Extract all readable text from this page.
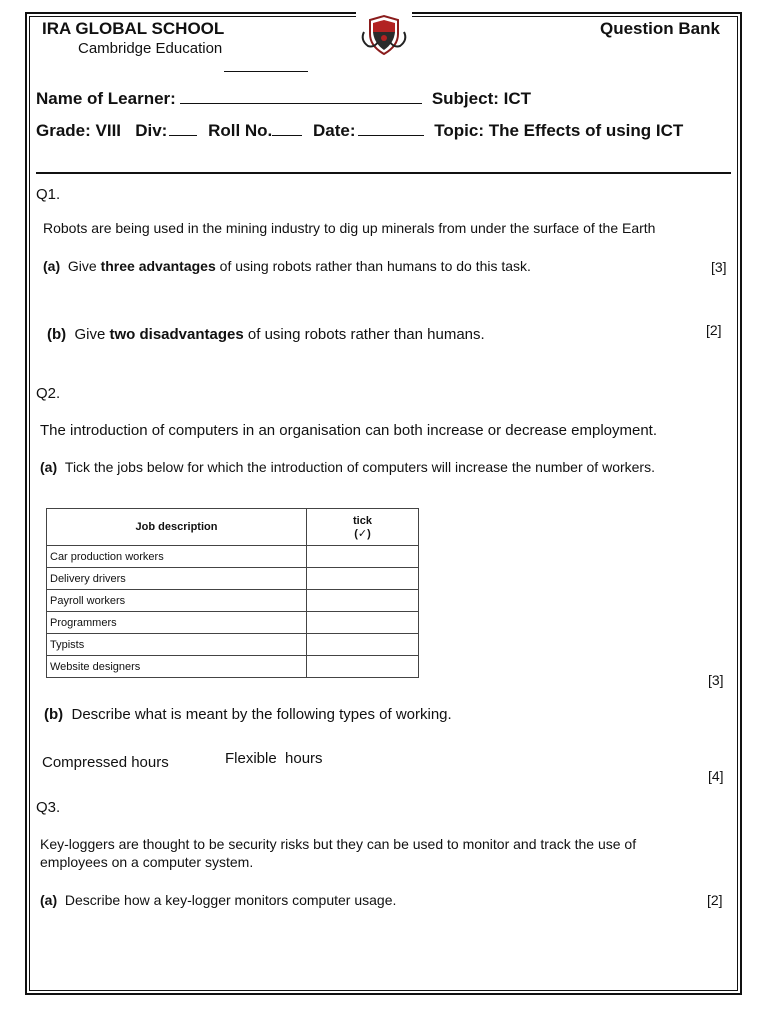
IRA GLOBAL SCHOOL
Cambridge Education
Question Bank
Name of Learner:	Subject: ICT
Grade: VIII Div: Roll No. Date:	Topic: The Effects of using ICT
Q1.
Robots are being used in the mining industry to dig up minerals from under the surface of the Earth
(a) Give three advantages of using robots rather than humans to do this task.	[3]
(b) Give two disadvantages of using robots rather than humans.	[2]
Q2.
The introduction of computers in an organisation can both increase or decrease employment.
(a) Tick the jobs below for which the introduction of computers will increase the number of workers.
Job description	tick
(✓)
Car production workers	
Delivery drivers	
Payroll workers	
Programmers	
Typists	
Website designers	
[3]
(b) Describe what is meant by the following types of working.
Compressed hours	Flexible  hours
[4]
Q3.
Key-loggers are thought to be security risks but they can be used to monitor and track the use of
employees on a computer system.
(a) Describe how a key-logger monitors computer usage.	[2]
